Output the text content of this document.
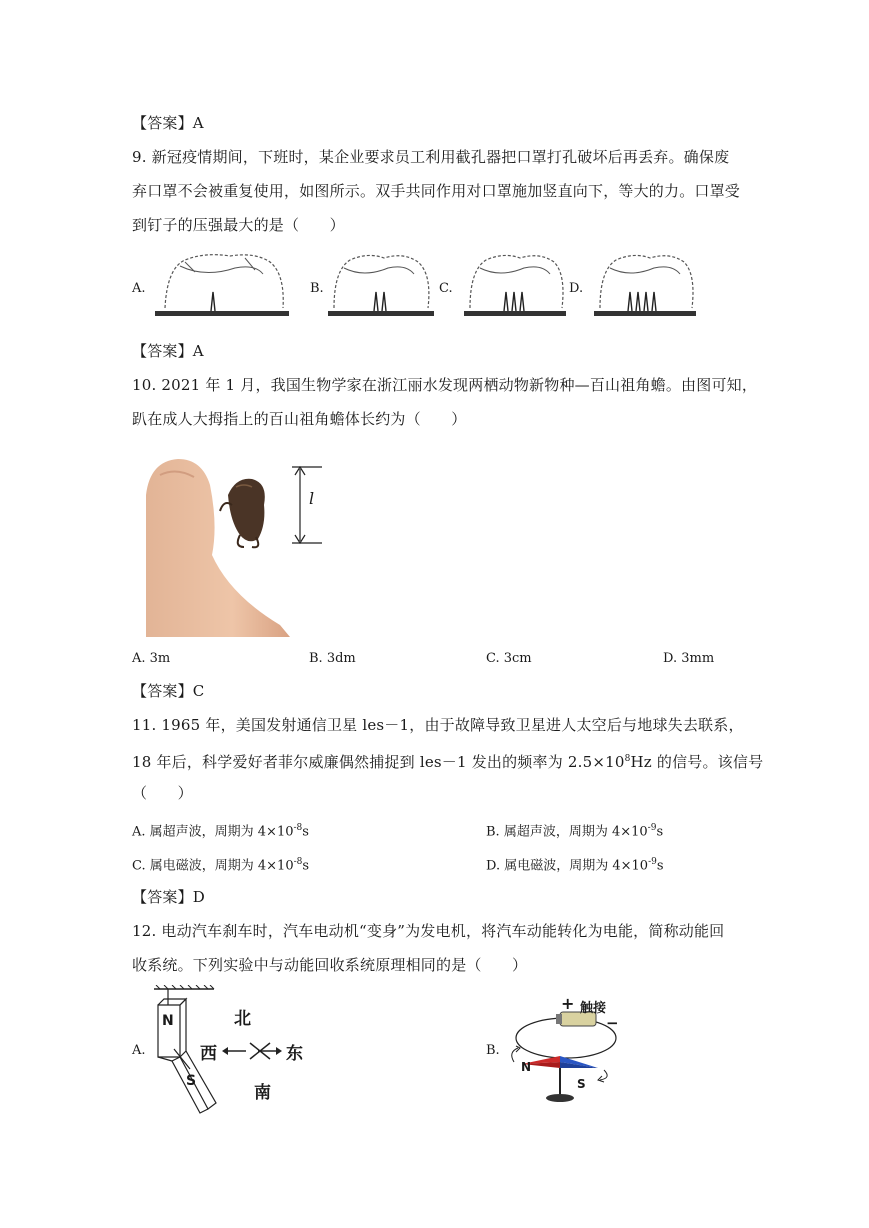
【答案】A
9. 新冠疫情期间，下班时，某企业要求员工利用截孔器把口罩打孔破坏后再丢弃。确保废
弃口罩不会被重复使用，如图所示。双手共同作用对口罩施加竖直向下，等大的力。口罩受
到钉子的压强最大的是（　　）
A.	B.	C.	D.
【答案】A
10. 2021 年 1 月，我国生物学家在浙江丽水发现两栖动物新物种—百山祖角蟾。由图可知，
趴在成人大拇指上的百山祖角蟾体长约为（　　）
l
A. 3m	B. 3dm	C. 3cm	D. 3mm
【答案】C
11. 1965 年，美国发射通信卫星 les－1，由于故障导致卫星进人太空后与地球失去联系，
18 年后，科学爱好者菲尔威廉偶然捕捉到 les－1 发出的频率为 $2.5\times 10^8Hz$ 的信号。该信号
（　　）
A. 属超声波，周期为 $4\times 10^{-8}s$	B. 属超声波，周期为 $4\times 10^{-9}s$
C. 属电磁波，周期为 $4\times 10^{-8}s$	D. 属电磁波，周期为 $4\times 10^{-9}s$
【答案】D
12. 电动汽车刹车时，汽车电动机“变身”为发电机，将汽车动能转化为电能，简称动能回
收系统。下列实验中与动能回收系统原理相同的是（　　）
A.
N
S
北
西	东
南
B.
+
−
触接
N
S
